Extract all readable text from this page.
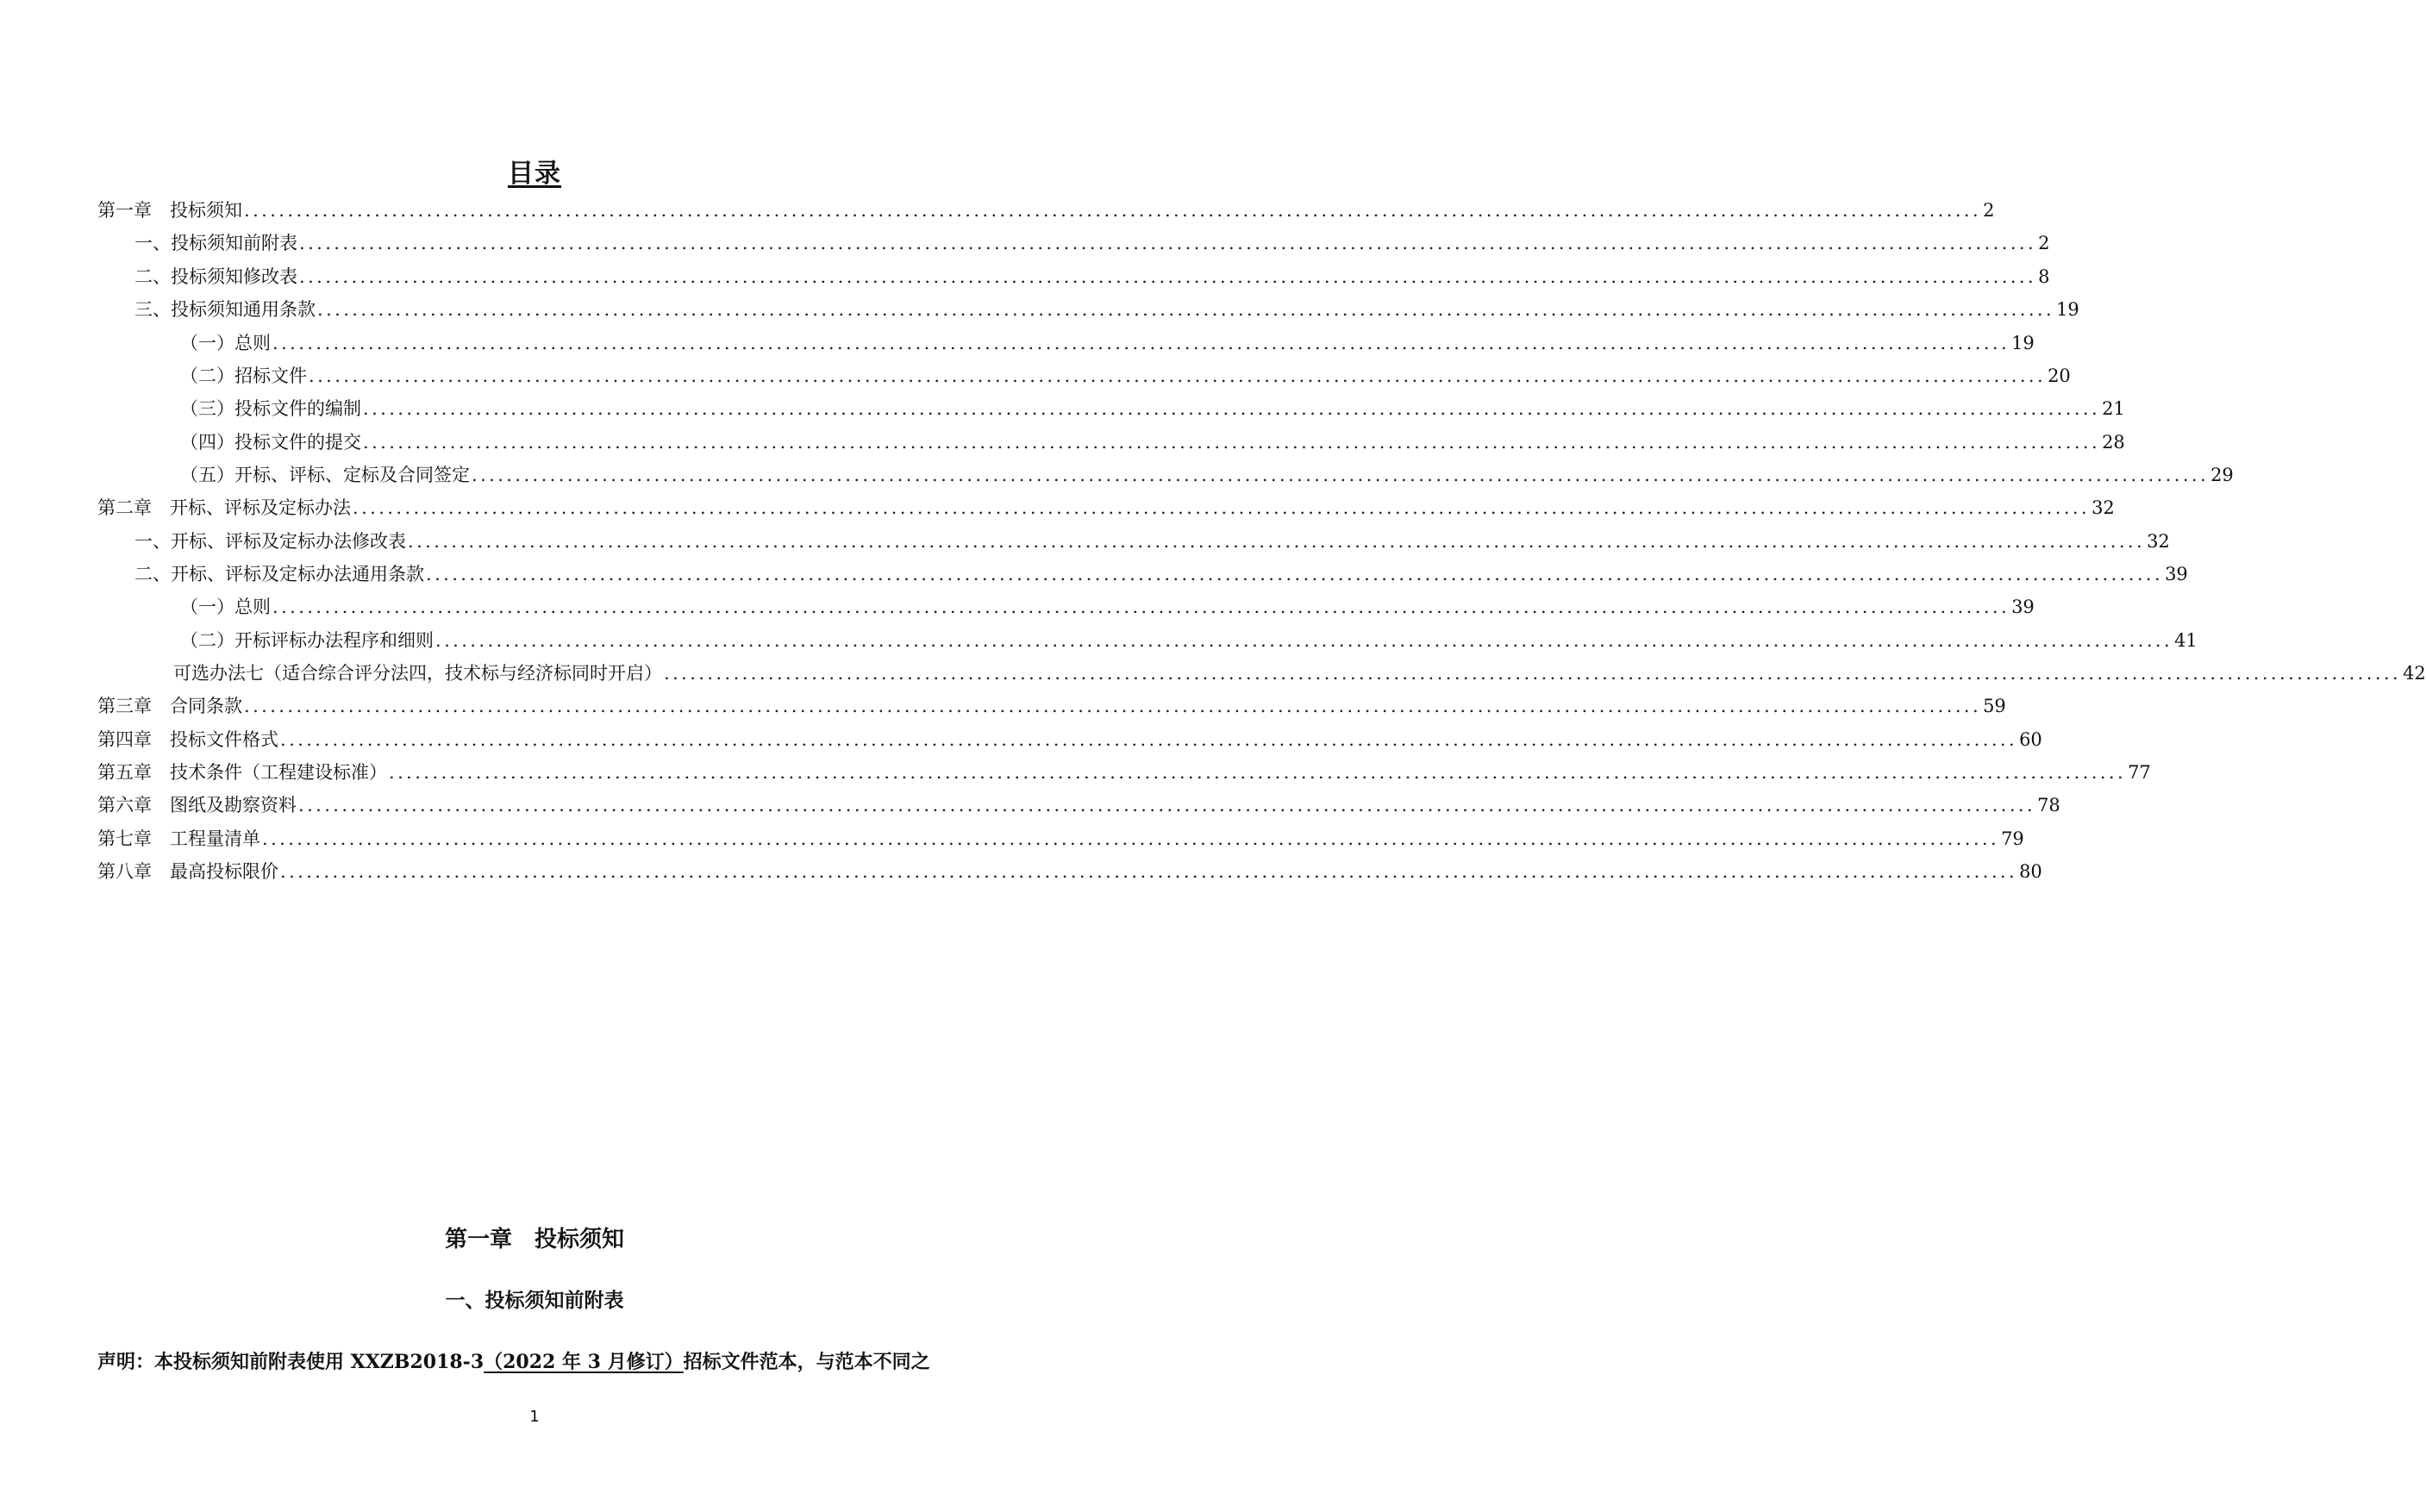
目录
第一章　投标须知 ........................................................................................................................................................................................................ 2
一、投标须知前附表 ........................................................................................................................................................................................................ 2
二、投标须知修改表 ........................................................................................................................................................................................................ 8
三、投标须知通用条款 ........................................................................................................................................................................................................ 19
（一）总则 ........................................................................................................................................................................................................ 19
（二）招标文件 ........................................................................................................................................................................................................ 20
（三）投标文件的编制 ........................................................................................................................................................................................................ 21
（四）投标文件的提交 ........................................................................................................................................................................................................ 28
（五）开标、评标、定标及合同签定 ........................................................................................................................................................................................................ 29
第二章　开标、评标及定标办法 ........................................................................................................................................................................................................ 32
一、开标、评标及定标办法修改表 ........................................................................................................................................................................................................ 32
二、开标、评标及定标办法通用条款 ........................................................................................................................................................................................................ 39
（一）总则 ........................................................................................................................................................................................................ 39
（二）开标评标办法程序和细则 ........................................................................................................................................................................................................ 41
可选办法七（适合综合评分法四，技术标与经济标同时开启） ........................................................................................................................................................................................................ 42
第三章　合同条款 ........................................................................................................................................................................................................ 59
第四章　投标文件格式 ........................................................................................................................................................................................................ 60
第五章　技术条件（工程建设标准） ........................................................................................................................................................................................................ 77
第六章　图纸及勘察资料 ........................................................................................................................................................................................................ 78
第七章　工程量清单 ........................................................................................................................................................................................................ 79
第八章　最高投标限价 ........................................................................................................................................................................................................ 80
第一章　投标须知
一、投标须知前附表
声明：本投标须知前附表使用 XXZB2018-3（2022 年 3 月修订）招标文件范本，与范本不同之
1
